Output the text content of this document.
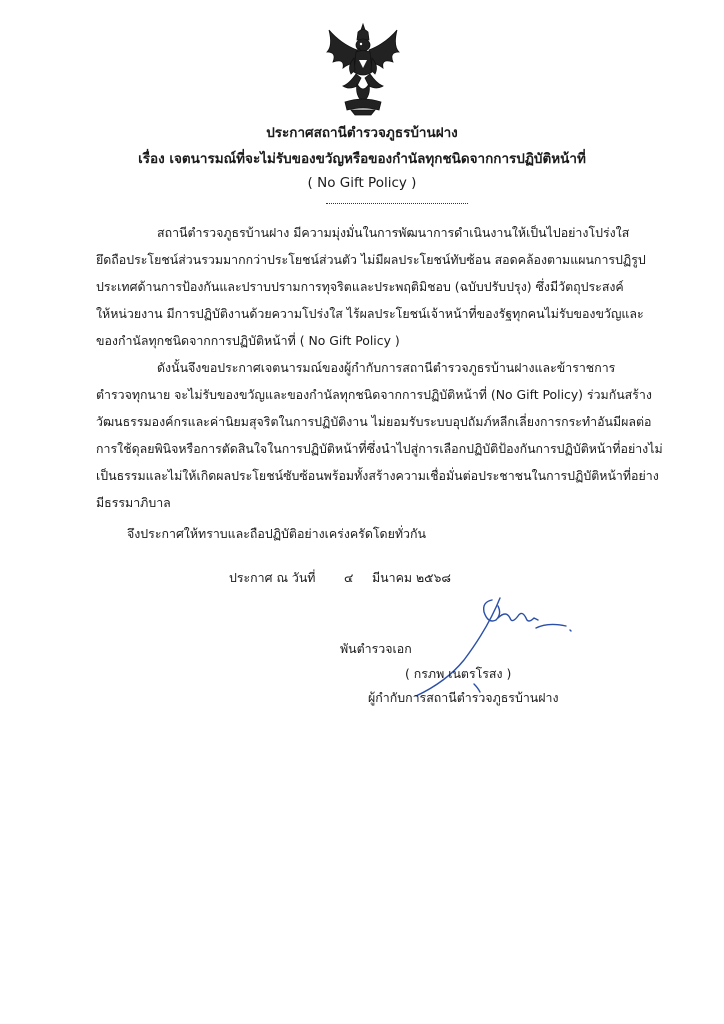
ประกาศสถานีตำรวจภูธรบ้านฝาง
เรื่อง เจตนารมณ์ที่จะไม่รับของขวัญหรือของกำนัลทุกชนิดจากการปฏิบัติหน้าที่
( No Gift Policy )
สถานีตำรวจภูธรบ้านฝาง มีความมุ่งมั่นในการพัฒนาการดำเนินงานให้เป็นไปอย่างโปร่งใส
ยึดถือประโยชน์ส่วนรวมมากกว่าประโยชน์ส่วนตัว ไม่มีผลประโยชน์ทับซ้อน สอดคล้องตามแผนการปฏิรูป
ประเทศด้านการป้องกันและปราบปรามการทุจริตและประพฤติมิชอบ (ฉบับปรับปรุง) ซึ่งมีวัตถุประสงค์
ให้หน่วยงาน มีการปฏิบัติงานด้วยความโปร่งใส ไร้ผลประโยชน์เจ้าหน้าที่ของรัฐทุกคนไม่รับของขวัญและ
ของกำนัลทุกชนิดจากการปฏิบัติหน้าที่ ( No Gift Policy )
ดังนั้นจึงขอประกาศเจตนารมณ์ของผู้กำกับการสถานีตำรวจภูธรบ้านฝางและข้าราชการ
ตำรวจทุกนาย จะไม่รับของขวัญและของกำนัลทุกชนิดจากการปฏิบัติหน้าที่ (No Gift Policy) ร่วมกันสร้าง
วัฒนธรรมองค์กรและค่านิยมสุจริตในการปฏิบัติงาน ไม่ยอมรับระบบอุปถัมภ์หลีกเลี่ยงการกระทำอันมีผลต่อ
การใช้ดุลยพินิจหรือการตัดสินใจในการปฏิบัติหน้าที่ซึ่งนำไปสู่การเลือกปฏิบัติป้องกันการปฏิบัติหน้าที่อย่างไม่
เป็นธรรมและไม่ให้เกิดผลประโยชน์ซับซ้อนพร้อมทั้งสร้างความเชื่อมั่นต่อประชาชนในการปฏิบัติหน้าที่อย่าง
มีธรรมาภิบาล
จึงประกาศให้ทราบและถือปฏิบัติอย่างเคร่งครัดโดยทั่วกัน
ประกาศ ณ วันที่ ๔ มีนาคม ๒๕๖๘
พันตำรวจเอก
( กรภพ เนตรโรสง )
ผู้กำกับการสถานีตำรวจภูธรบ้านฝาง
